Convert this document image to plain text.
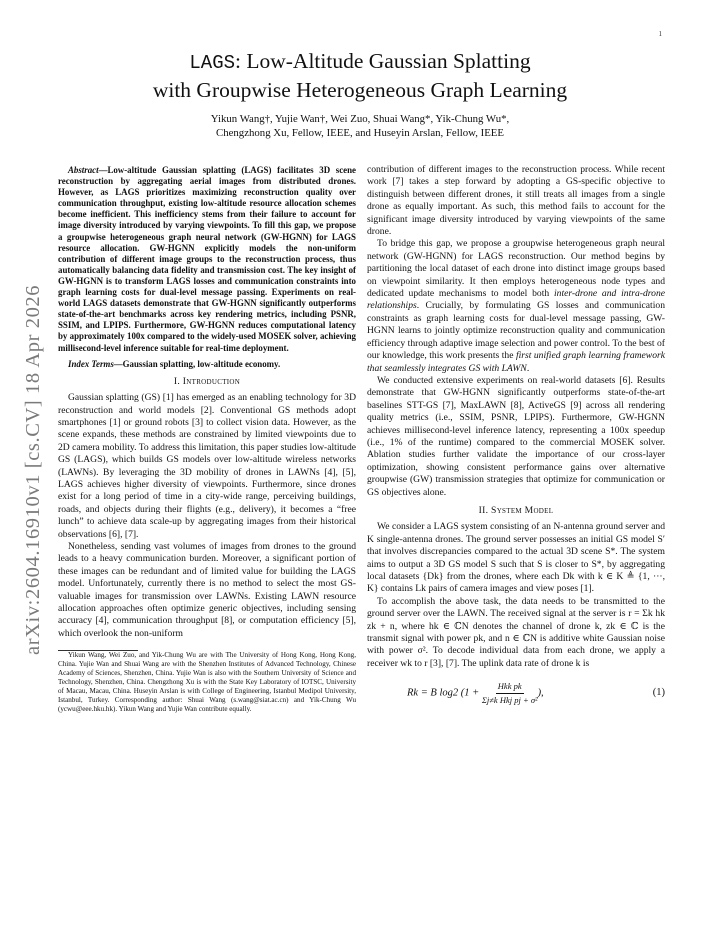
1
arXiv:2604.16910v1 [cs.CV] 18 Apr 2026
LAGS: Low-Altitude Gaussian Splatting
with Groupwise Heterogeneous Graph Learning
Yikun Wang†, Yujie Wan†, Wei Zuo, Shuai Wang*, Yik-Chung Wu*,
Chengzhong Xu, Fellow, IEEE, and Huseyin Arslan, Fellow, IEEE

Abstract—Low-altitude Gaussian splatting (LAGS) facilitates 3D scene reconstruction by aggregating aerial images from distributed drones. However, as LAGS prioritizes maximizing reconstruction quality over communication throughput, existing low-altitude resource allocation schemes become inefficient. This inefficiency stems from their failure to account for image diversity introduced by varying viewpoints. To fill this gap, we propose a groupwise heterogeneous graph neural network (GW-HGNN) for LAGS resource allocation. GW-HGNN explicitly models the non-uniform contribution of different image groups to the reconstruction process, thus automatically balancing data fidelity and transmission cost. The key insight of GW-HGNN is to transform LAGS losses and communication constraints into graph learning costs for dual-level message passing. Experiments on real-world LAGS datasets demonstrate that GW-HGNN significantly outperforms state-of-the-art benchmarks across key rendering metrics, including PSNR, SSIM, and LPIPS. Furthermore, GW-HGNN reduces computational latency by approximately 100x compared to the widely-used MOSEK solver, achieving millisecond-level inference suitable for real-time deployment.

Index Terms—Gaussian splatting, low-altitude economy.

I. Introduction

Gaussian splatting (GS) [1] has emerged as an enabling technology for 3D reconstruction and world models [2]. Conventional GS methods adopt smartphones [1] or ground robots [3] to collect vision data. However, as the scene expands, these methods are constrained by limited viewpoints due to 2D camera mobility. To address this limitation, this paper studies low-altitude GS (LAGS), which builds GS models over low-altitude wireless networks (LAWNs). By leveraging the 3D mobility of drones in LAWNs [4], [5], LAGS achieves higher diversity of viewpoints. Furthermore, since drones exist for a long period of time in a city-wide range, perceiving buildings, roads, and objects during their flights (e.g., delivery), it becomes a “free lunch” to achieve data scale-up by aggregating images from their historical observations [6], [7].

Nonetheless, sending vast volumes of images from drones to the ground leads to a heavy communication burden. Moreover, a significant portion of these images can be redundant and of limited value for building the LAGS model. Unfortunately, currently there is no method to select the most GS-valuable images for transmission over LAWNs. Existing LAWN resource allocation approaches often optimize generic objectives, including sensing accuracy [4], communication throughput [8], or computation efficiency [5], which overlook the non-uniform

Yikun Wang, Wei Zuo, and Yik-Chung Wu are with The University of Hong Kong, Hong Kong, China. Yujie Wan and Shuai Wang are with the Shenzhen Institutes of Advanced Technology, Chinese Academy of Sciences, Shenzhen, China. Yujie Wan is also with the Southern University of Science and Technology, Shenzhen, China. Chengzhong Xu is with the State Key Laboratory of IOTSC, University of Macau, Macau, China. Huseyin Arslan is with College of Engineering, Istanbul Medipol University, Istanbul, Turkey. Corresponding author: Shuai Wang (s.wang@siat.ac.cn) and Yik-Chung Wu (ycwu@eee.hku.hk). Yikun Wang and Yujie Wan contribute equally.

contribution of different images to the reconstruction process. While recent work [7] takes a step forward by adopting a GS-specific objective to distinguish between different drones, it still treats all images from a single drone as equally important. As such, this method fails to account for the significant image diversity introduced by varying viewpoints of the same drone.

To bridge this gap, we propose a groupwise heterogeneous graph neural network (GW-HGNN) for LAGS reconstruction. Our method begins by partitioning the local dataset of each drone into distinct image groups based on viewpoint similarity. It then employs heterogeneous node types and dedicated update mechanisms to model both inter-drone and intra-drone relationships. Crucially, by formulating GS losses and communication constraints as graph learning costs for dual-level message passing, GW-HGNN learns to jointly optimize reconstruction quality and communication efficiency through adaptive image selection and power control. To the best of our knowledge, this work presents the first unified graph learning framework that seamlessly integrates GS with LAWN.

We conducted extensive experiments on real-world datasets [6]. Results demonstrate that GW-HGNN significantly outperforms state-of-the-art baselines STT-GS [7], MaxLAWN [8], ActiveGS [9] across all rendering quality metrics (i.e., SSIM, PSNR, LPIPS). Furthermore, GW-HGNN achieves millisecond-level inference latency, representing a 100x speedup (i.e., 1% of the runtime) compared to the commercial MOSEK solver. Ablation studies further validate the importance of our cross-layer optimization, showing consistent performance gains over alternative groupwise (GW) transmission strategies that optimize for communication or GS objectives alone.

II. System Model

We consider a LAGS system consisting of an N-antenna ground server and K single-antenna drones. The ground server possesses an initial GS model S′ that involves discrepancies compared to the actual 3D scene S*. The system aims to output a 3D GS model S such that S is closer to S*, by aggregating local datasets {Dk} from the drones, where each Dk with k ∈ K ≜ {1, ···, K} contains Lk pairs of camera images and view poses [1].

To accomplish the above task, the data needs to be transmitted to the ground server over the LAWN. The received signal at the server is r = Σk hk zk + n, where hk ∈ ℂN denotes the channel of drone k, zk ∈ ℂ is the transmit signal with power pk, and n ∈ ℂN is additive white Gaussian noise with power σ². To decode individual data from each drone, we apply a receiver wk to r [3], [7]. The uplink data rate of drone k is

Rk = B log2 ($1 + \frac{\text{Hkk pk}}{\text{Σj≠k Hkj pj + σ²}}$ ),	(1)
